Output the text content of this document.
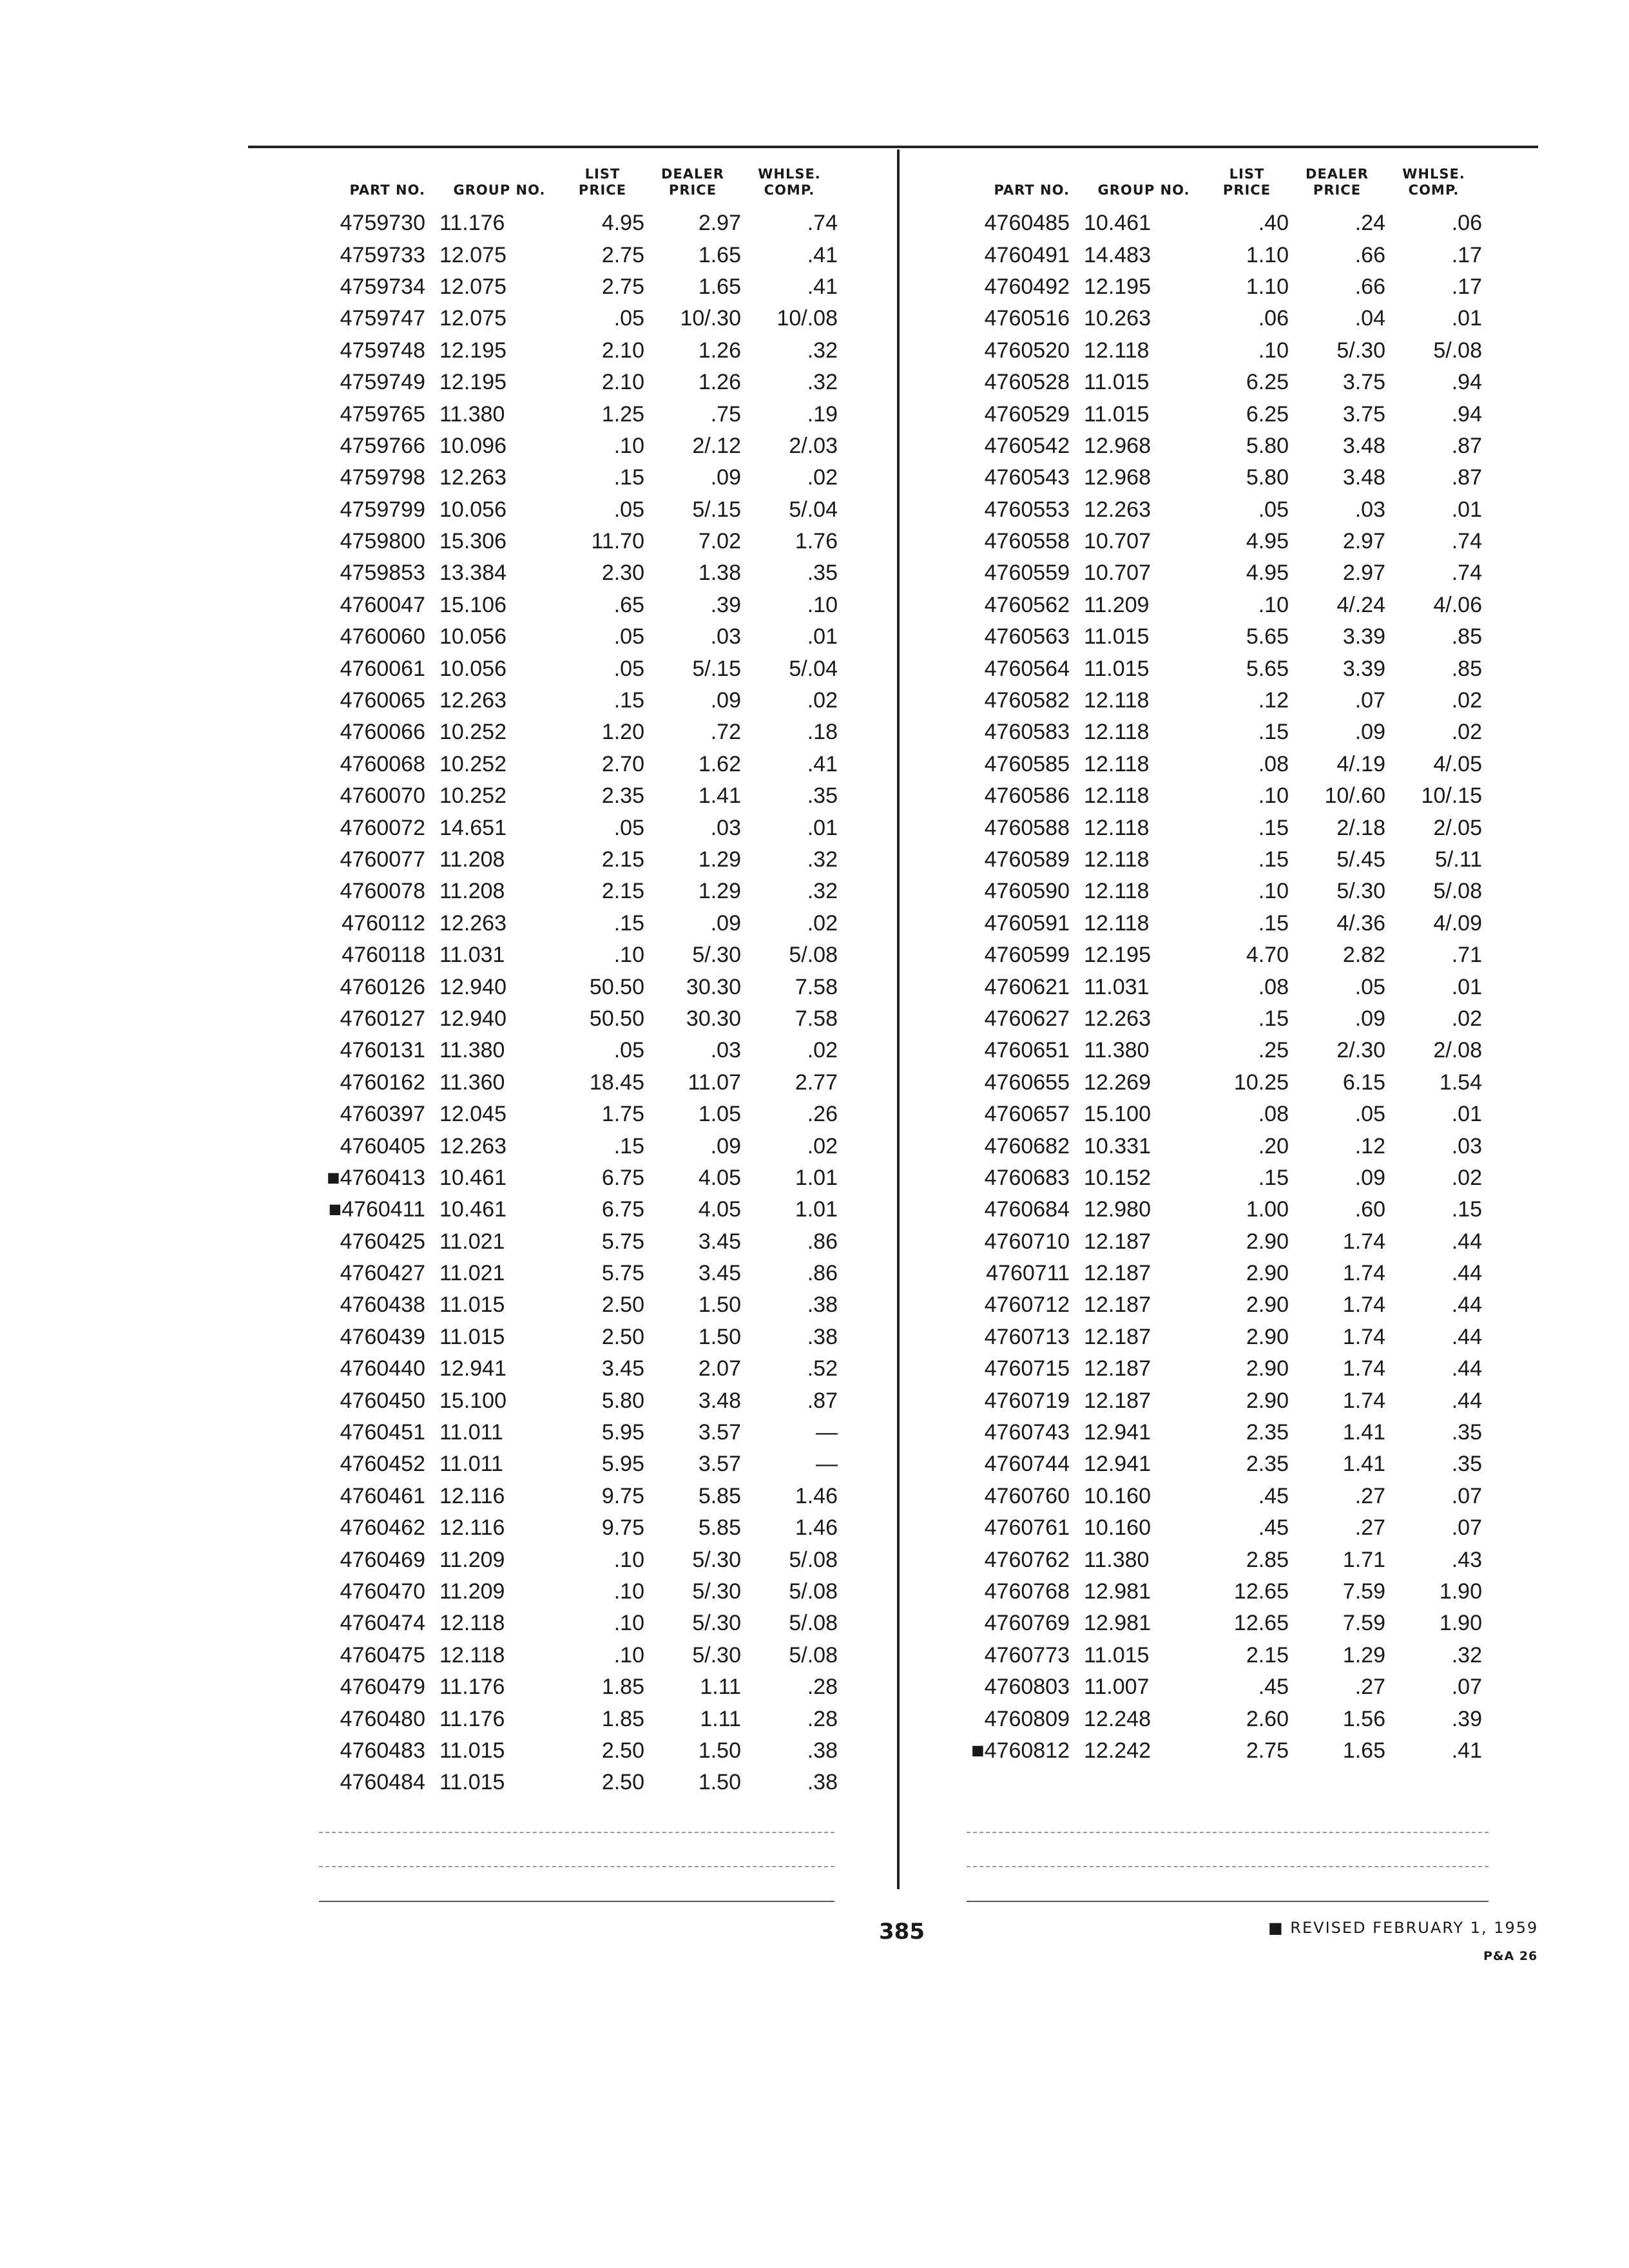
PART NO.	GROUP NO.	LIST PRICE	DEALER PRICE	WHLSE. COMP.
4759730	11.176	4.95	2.97	.74
4759733	12.075	2.75	1.65	.41
4759734	12.075	2.75	1.65	.41
4759747	12.075	.05	10/.30	10/.08
4759748	12.195	2.10	1.26	.32
4759749	12.195	2.10	1.26	.32
4759765	11.380	1.25	.75	.19
4759766	10.096	.10	2/.12	2/.03
4759798	12.263	.15	.09	.02
4759799	10.056	.05	5/.15	5/.04
4759800	15.306	11.70	7.02	1.76
4759853	13.384	2.30	1.38	.35
4760047	15.106	.65	.39	.10
4760060	10.056	.05	.03	.01
4760061	10.056	.05	5/.15	5/.04
4760065	12.263	.15	.09	.02
4760066	10.252	1.20	.72	.18
4760068	10.252	2.70	1.62	.41
4760070	10.252	2.35	1.41	.35
4760072	14.651	.05	.03	.01
4760077	11.208	2.15	1.29	.32
4760078	11.208	2.15	1.29	.32
4760112	12.263	.15	.09	.02
4760118	11.031	.10	5/.30	5/.08
4760126	12.940	50.50	30.30	7.58
4760127	12.940	50.50	30.30	7.58
4760131	11.380	.05	.03	.02
4760162	11.360	18.45	11.07	2.77
4760397	12.045	1.75	1.05	.26
4760405	12.263	.15	.09	.02
■4760413	10.461	6.75	4.05	1.01
■4760411	10.461	6.75	4.05	1.01
4760425	11.021	5.75	3.45	.86
4760427	11.021	5.75	3.45	.86
4760438	11.015	2.50	1.50	.38
4760439	11.015	2.50	1.50	.38
4760440	12.941	3.45	2.07	.52
4760450	15.100	5.80	3.48	.87
4760451	11.011	5.95	3.57	—
4760452	11.011	5.95	3.57	—
4760461	12.116	9.75	5.85	1.46
4760462	12.116	9.75	5.85	1.46
4760469	11.209	.10	5/.30	5/.08
4760470	11.209	.10	5/.30	5/.08
4760474	12.118	.10	5/.30	5/.08
4760475	12.118	.10	5/.30	5/.08
4760479	11.176	1.85	1.11	.28
4760480	11.176	1.85	1.11	.28
4760483	11.015	2.50	1.50	.38
4760484	11.015	2.50	1.50	.38
PART NO.	GROUP NO.	LIST PRICE	DEALER PRICE	WHLSE. COMP.
4760485	10.461	.40	.24	.06
4760491	14.483	1.10	.66	.17
4760492	12.195	1.10	.66	.17
4760516	10.263	.06	.04	.01
4760520	12.118	.10	5/.30	5/.08
4760528	11.015	6.25	3.75	.94
4760529	11.015	6.25	3.75	.94
4760542	12.968	5.80	3.48	.87
4760543	12.968	5.80	3.48	.87
4760553	12.263	.05	.03	.01
4760558	10.707	4.95	2.97	.74
4760559	10.707	4.95	2.97	.74
4760562	11.209	.10	4/.24	4/.06
4760563	11.015	5.65	3.39	.85
4760564	11.015	5.65	3.39	.85
4760582	12.118	.12	.07	.02
4760583	12.118	.15	.09	.02
4760585	12.118	.08	4/.19	4/.05
4760586	12.118	.10	10/.60	10/.15
4760588	12.118	.15	2/.18	2/.05
4760589	12.118	.15	5/.45	5/.11
4760590	12.118	.10	5/.30	5/.08
4760591	12.118	.15	4/.36	4/.09
4760599	12.195	4.70	2.82	.71
4760621	11.031	.08	.05	.01
4760627	12.263	.15	.09	.02
4760651	11.380	.25	2/.30	2/.08
4760655	12.269	10.25	6.15	1.54
4760657	15.100	.08	.05	.01
4760682	10.331	.20	.12	.03
4760683	10.152	.15	.09	.02
4760684	12.980	1.00	.60	.15
4760710	12.187	2.90	1.74	.44
4760711	12.187	2.90	1.74	.44
4760712	12.187	2.90	1.74	.44
4760713	12.187	2.90	1.74	.44
4760715	12.187	2.90	1.74	.44
4760719	12.187	2.90	1.74	.44
4760743	12.941	2.35	1.41	.35
4760744	12.941	2.35	1.41	.35
4760760	10.160	.45	.27	.07
4760761	10.160	.45	.27	.07
4760762	11.380	2.85	1.71	.43
4760768	12.981	12.65	7.59	1.90
4760769	12.981	12.65	7.59	1.90
4760773	11.015	2.15	1.29	.32
4760803	11.007	.45	.27	.07
4760809	12.248	2.60	1.56	.39
■4760812	12.242	2.75	1.65	.41
385	■ REVISED FEBRUARY 1, 1959
P&A 26
